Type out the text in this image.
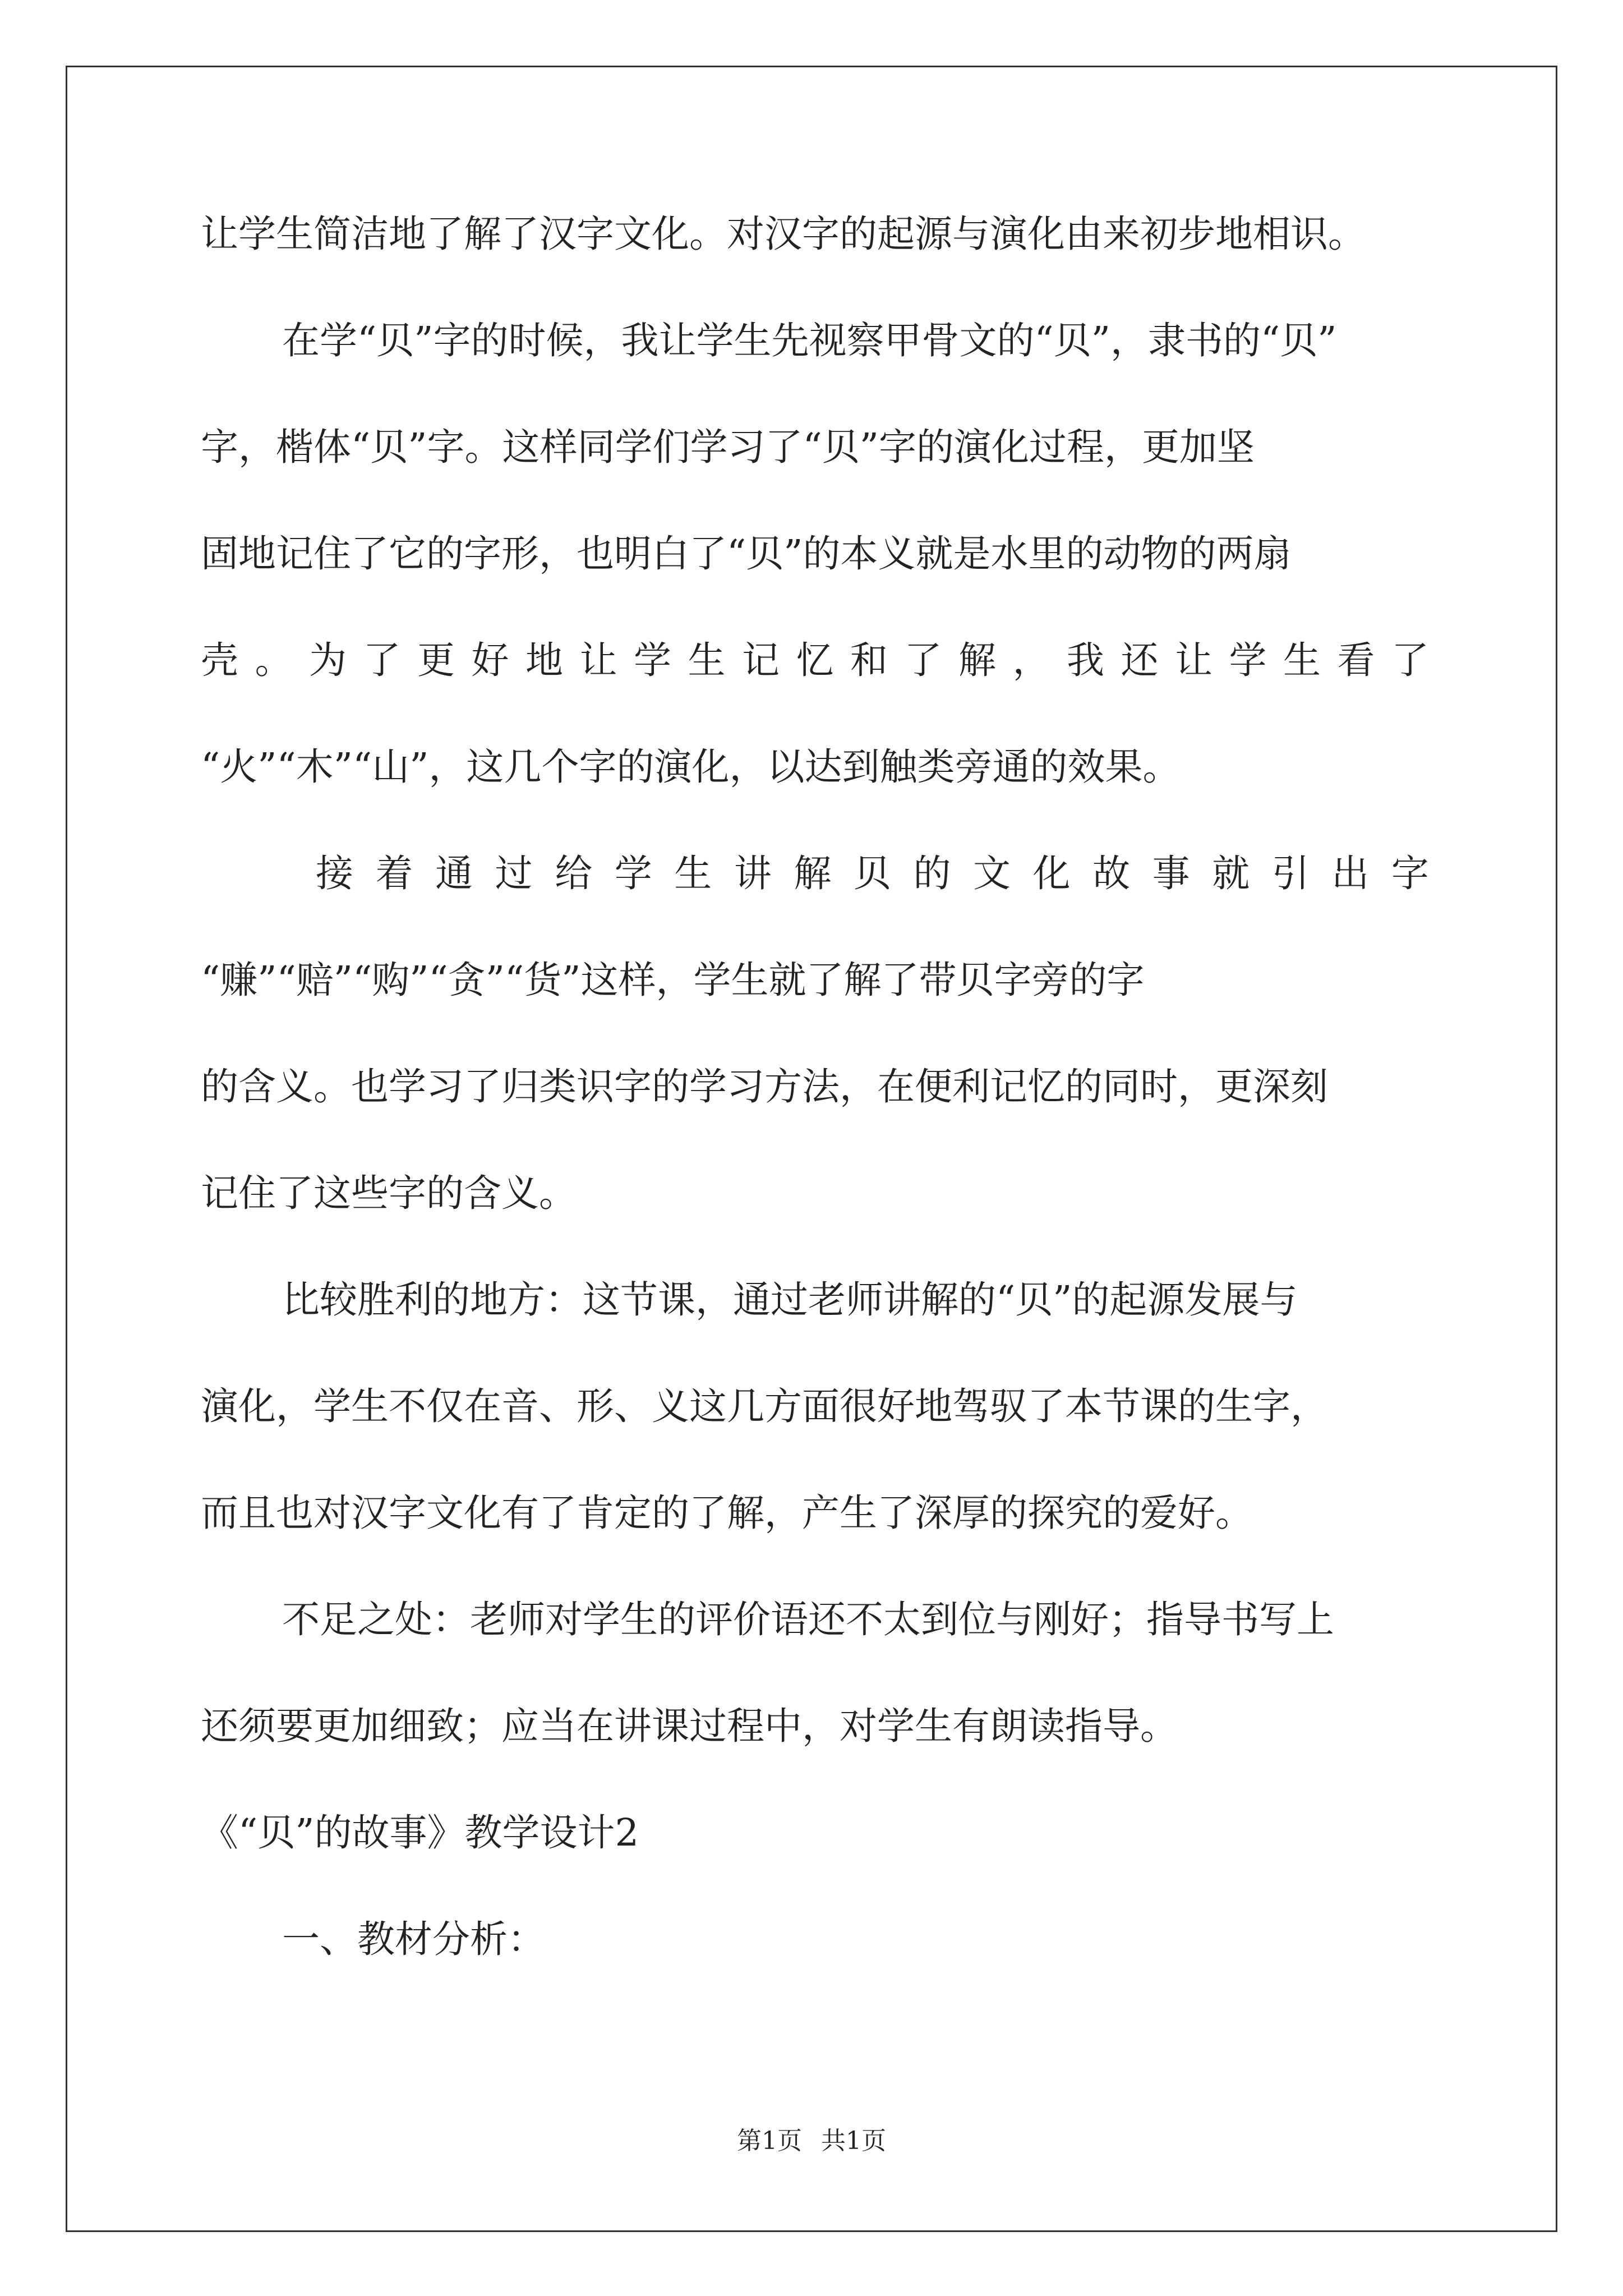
让学生简洁地了解了汉字文化。对汉字的起源与演化由来初步地相识。

在学“贝”字的时候，我让学生先视察甲骨文的“贝”，隶书的“贝”

字，楷体“贝”字。这样同学们学习了“贝”字的演化过程，更加坚

固地记住了它的字形，也明白了“贝”的本义就是水里的动物的两扇

壳 。 为 了 更 好 地 让 学 生 记 忆 和 了 解 ， 我 还 让 学 生 看 了

“火”“木”“山”，这几个字的演化，以达到触类旁通的效果。

接 着 通 过 给 学 生 讲 解 贝 的 文 化 故 事 就 引 出 字

“赚”“赔”“购”“贪”“货”这样，学生就了解了带贝字旁的字

的含义。也学习了归类识字的学习方法，在便利记忆的同时，更深刻

记住了这些字的含义。

比较胜利的地方：这节课，通过老师讲解的“贝”的起源发展与

演化，学生不仅在音、形、义这几方面很好地驾驭了本节课的生字，

而且也对汉字文化有了肯定的了解，产生了深厚的探究的爱好。

不足之处：老师对学生的评价语还不太到位与刚好；指导书写上

还须要更加细致；应当在讲课过程中，对学生有朗读指导。

《“贝”的故事》教学设计2

一、教材分析：

第1页 共1页
